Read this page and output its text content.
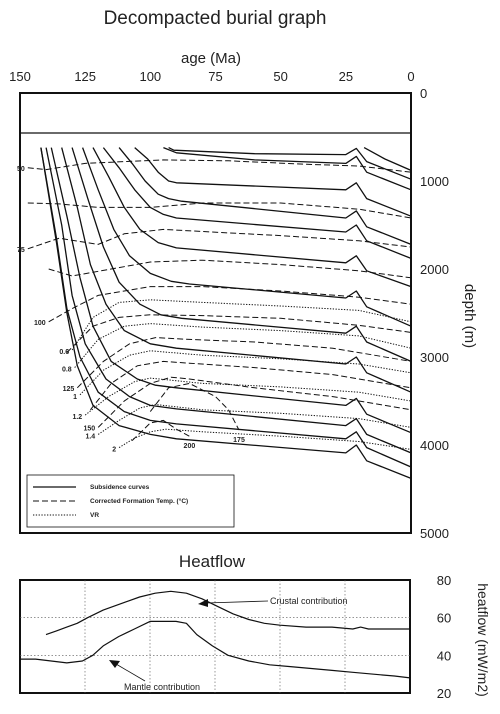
Decompacted burial graph
age (Ma)
depth (m)
150	125	100	75	50	25	0
0
1000
2000
3000
4000
5000
50
75
100
125
150
200
175
0.6
0.8
1
1.2
1.4
2
Subsidence curves
Corrected Formation Temp. (°C)
VR
Heatflow
20
40
60
80
heatflow (mW/m2)
Crustal contribution
Mantle contribution
